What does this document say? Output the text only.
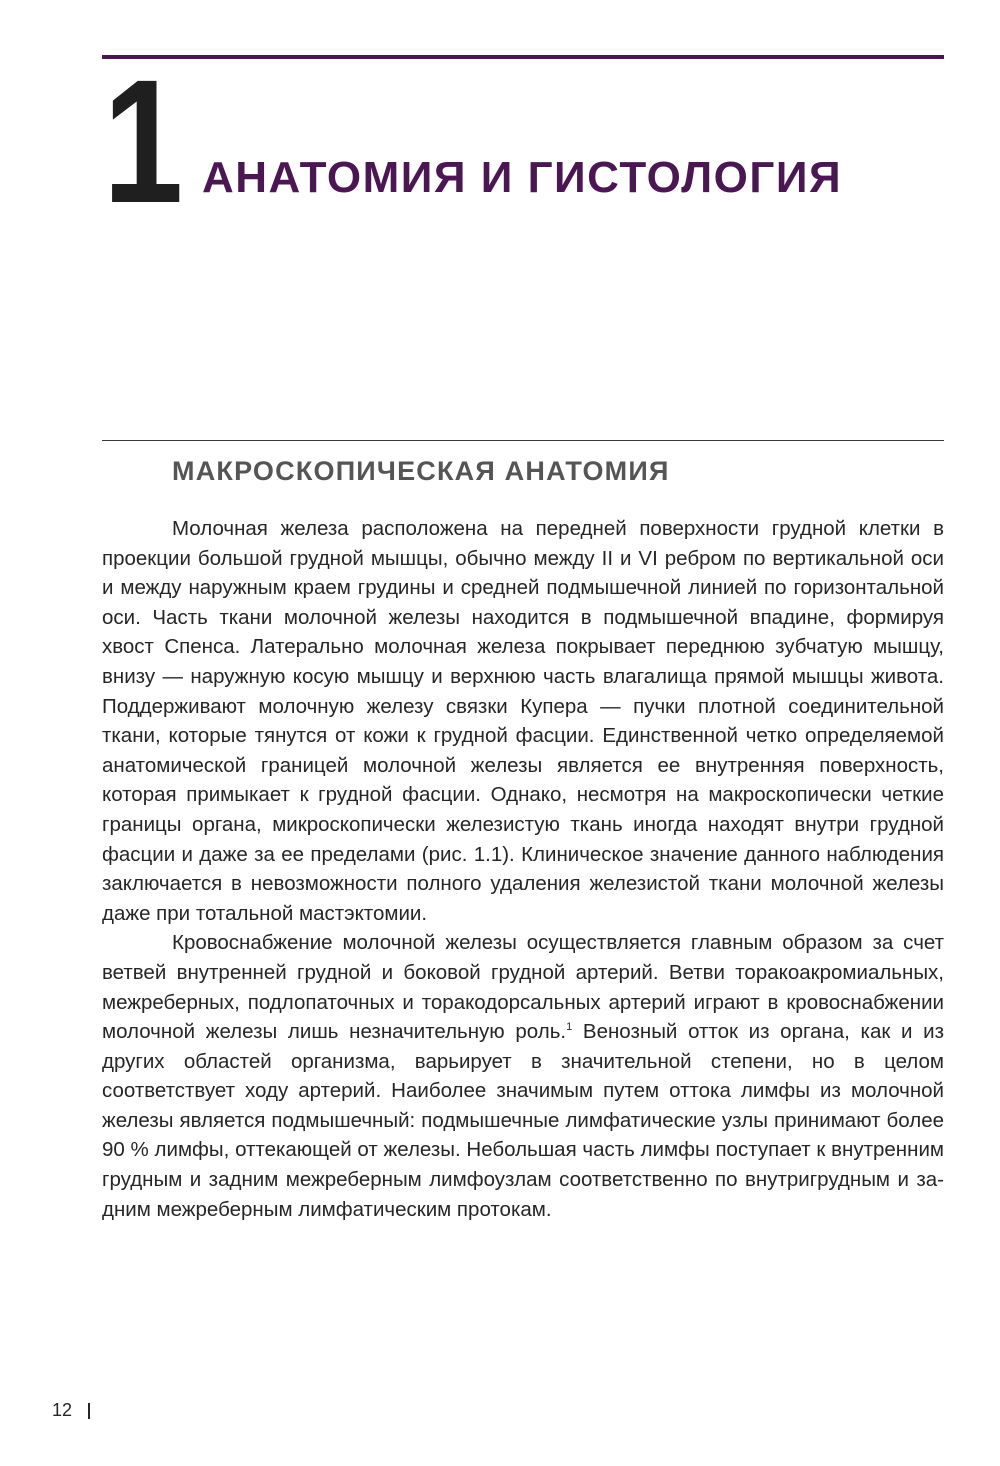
1 АНАТОМИЯ И ГИСТОЛОГИЯ
МАКРОСКОПИЧЕСКАЯ АНАТОМИЯ

Молочная железа расположена на передней поверхности грудной клетки в проекции большой грудной мышцы, обычно между II и VI ребром по вертикальной оси и между наружным краем грудины и средней подмышечной линией по горизонтальной оси. Часть ткани молочной железы находится в подмышечной впадине, формируя хвост Спенса. Латерально молочная железа покрывает переднюю зубчатую мышцу, внизу — наружную косую мышцу и верхнюю часть влагалища прямой мышцы живота. Поддерживают молочную железу связки Купера — пучки плотной соединительной ткани, которые тянутся от кожи к грудной фасции. Единственной четко определяемой анатомической границей молочной железы является ее внутренняя поверхность, которая примыкает к грудной фасции. Однако, несмотря на макроскопически четкие границы органа, микроскопически железистую ткань иногда находят внутри грудной фасции и даже за ее пределами (рис. 1.1). Клиническое значение данного наблюдения заключается в невозможности полного удаления железистой ткани молочной железы даже при тотальной мастэктомии.

Кровоснабжение молочной железы осуществляется главным образом за счет ветвей внутренней грудной и боковой грудной артерий. Ветви торакоакромиальных, межреберных, подлопаточных и торакодорсальных артерий играют в кровоснабжении молочной железы лишь незначительную роль.$^1$ Венозный отток из органа, как и из других областей организма, варьирует в значительной степени, но в целом соответствует ходу артерий. Наиболее значимым путем оттока лимфы из молочной железы является подмышечный: подмышечные лимфатические узлы принимают более 90 % лимфы, оттекающей от железы. Небольшая часть лимфы поступает к внутренним грудным и задним межреберным лимфоузлам соответственно по внутригрудным и задним межреберным лимфатическим протокам.

12
